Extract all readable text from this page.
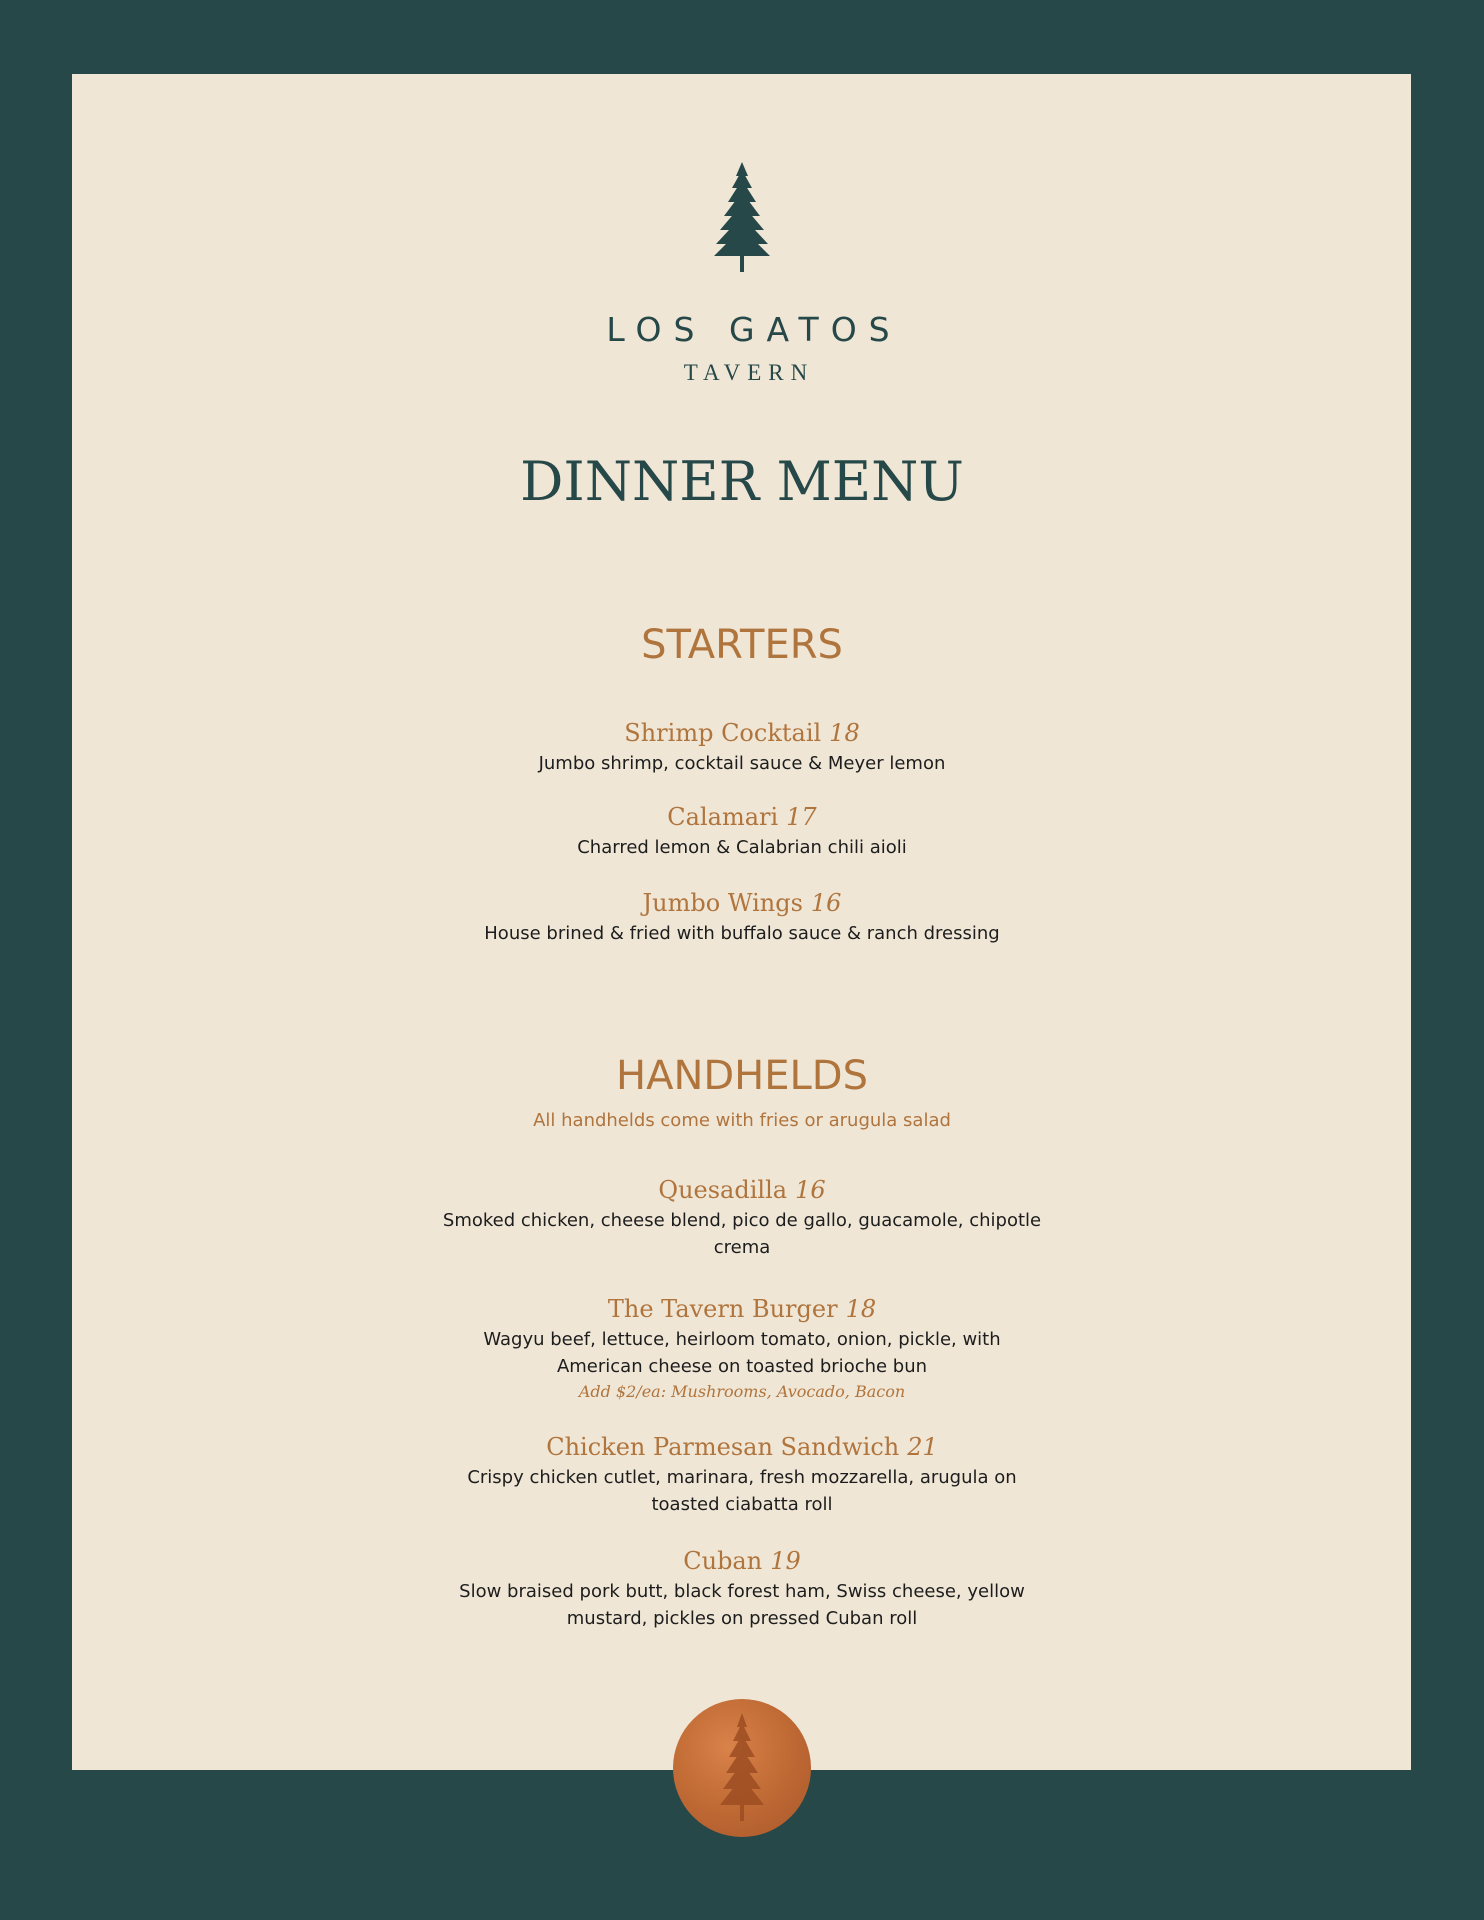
LOS GATOS
TAVERN
DINNER MENU
STARTERS
Shrimp Cocktail 18
Jumbo shrimp, cocktail sauce & Meyer lemon
Calamari 17
Charred lemon & Calabrian chili aioli
Jumbo Wings 16
House brined & fried with buffalo sauce & ranch dressing
HANDHELDS
All handhelds come with fries or arugula salad
Quesadilla 16
Smoked chicken, cheese blend, pico de gallo, guacamole, chipotle crema
The Tavern Burger 18
Wagyu beef, lettuce, heirloom tomato, onion, pickle, with American cheese on toasted brioche bun
Add $2/ea: Mushrooms, Avocado, Bacon
Chicken Parmesan Sandwich 21
Crispy chicken cutlet, marinara, fresh mozzarella, arugula on toasted ciabatta roll
Cuban 19
Slow braised pork butt, black forest ham, Swiss cheese, yellow mustard, pickles on pressed Cuban roll
